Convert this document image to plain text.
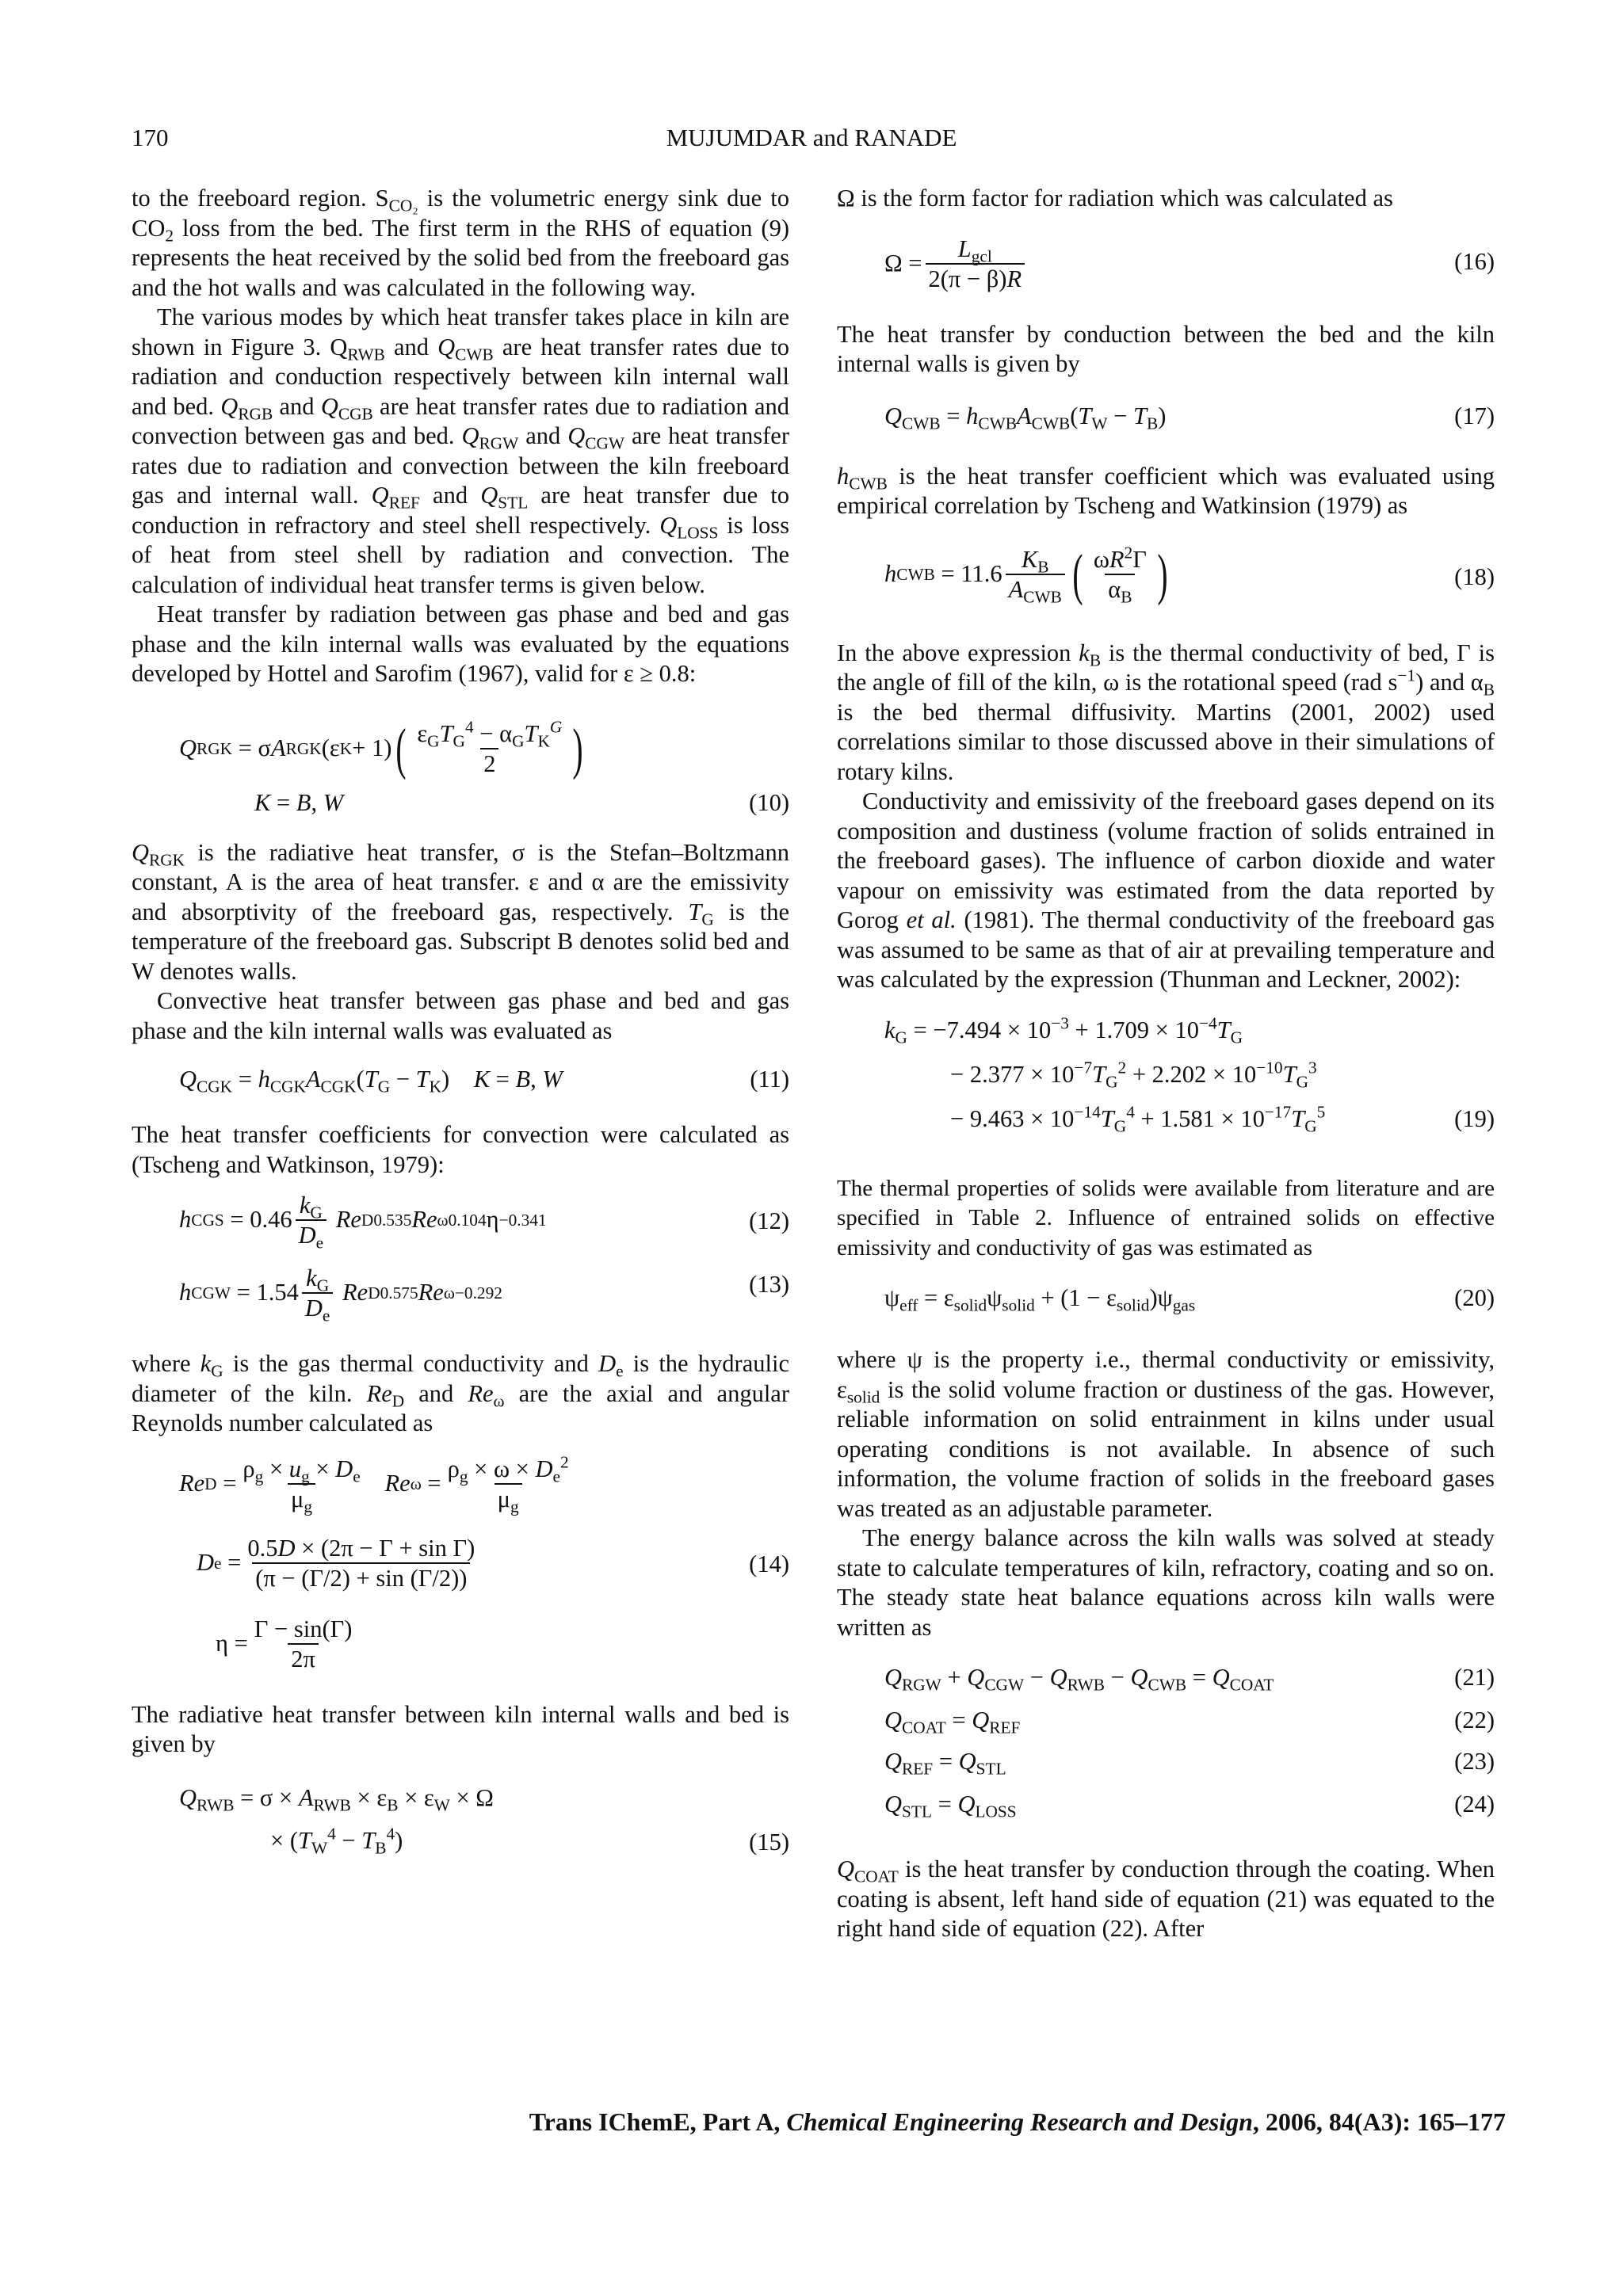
170	MUJUMDAR and RANADE

to the freeboard region. $S_{CO_2}$ is the volumetric energy sink due to $CO_2$ loss from the bed. The first term in the RHS of equation (9) represents the heat received by the solid bed from the freeboard gas and the hot walls and was calculated in the following way.

The various modes by which heat transfer takes place in kiln are shown in Figure 3. $Q_{RWB}$ and $Q_{CWB}$ are heat transfer rates due to radiation and conduction respectively between kiln internal wall and bed. $Q_{RGB}$ and $Q_{CGB}$ are heat transfer rates due to radiation and convection between gas and bed. $Q_{RGW}$ and $Q_{CGW}$ are heat transfer rates due to radiation and convection between the kiln freeboard gas and internal wall. $Q_{REF}$ and $Q_{STL}$ are heat transfer due to conduction in refractory and steel shell respectively. $Q_{LOSS}$ is loss of heat from steel shell by radiation and convection. The calculation of individual heat transfer terms is given below.

Heat transfer by radiation between gas phase and bed and gas phase and the kiln internal walls was evaluated by the equations developed by Hottel and Sarofim (1967), valid for ε ≥ 0.8:

Q RGK = σ A RGK (ε K + 1) ( $\frac{\varepsilon_GT_G^4 - \alpha_GT_K^G}{2}$ )
K = B, W	(10)

$Q_{RGK}$ is the radiative heat transfer, σ is the Stefan–Boltzmann constant, A is the area of heat transfer. ε and α are the emissivity and absorptivity of the freeboard gas, respectively. $T_G$ is the temperature of the freeboard gas. Subscript B denotes solid bed and W denotes walls.

Convective heat transfer between gas phase and bed and gas phase and the kiln internal walls was evaluated as

$Q_{CGK} = h_{CGK}A_{CGK}(T_G - T_K)$    K = B, W	(11)

The heat transfer coefficients for convection were calculated as (Tscheng and Watkinson, 1979):

h CGS = $0.46 \frac{k_G}{D_e}$
Re D 0.535 Re ω 0.104 η −0.341	(12)
h CGW = $1.54 \frac{k_G}{D_e}$
Re D 0.575 Re ω −0.292	(13)

where $k_G$ is the gas thermal conductivity and $D_e$ is the hydraulic diameter of the kiln. $Re_D$ and $Re_\omega$ are the axial and angular Reynolds number calculated as

Re $D = \frac{\rho_g \times u_g \times D_e}{\mu_g}$
Re $\omega = \frac{\rho_g \times \omega \times D_e^2}{\mu_g}$
D $e = \frac{\text{0.5D × (2π − Γ + sin Γ)}}{(\pi - (\Gamma/2) + \sin (\Gamma/2))}$	(14)
$\eta = \frac{\Gamma - \sin(\Gamma)}{2\pi}$

The radiative heat transfer between kiln internal walls and bed is given by

$Q_{RWB} = \sigma \times A_{RWB} \times \varepsilon_B \times \varepsilon_W \times \Omega$
× $(T_W^4 - T_B^4)$	(15)

Ω is the form factor for radiation which was calculated as

$\Omega = \frac{L_{gcl}}{2(\pi - \beta)R}$	(16)

The heat transfer by conduction between the bed and the kiln internal walls is given by

$Q_{CWB} = h_{CWB}A_{CWB}(T_W - T_B)$	(17)

$h_{CWB}$ is the heat transfer coefficient which was evaluated using empirical correlation by Tscheng and Watkinsion (1979) as

h CWB = $11.6 \frac{K_B}{A_{CWB}}$ ( $\frac{\omega R^2\Gamma}{\alpha_B}$ )	(18)

In the above expression $k_B$ is the thermal conductivity of bed, Γ is the angle of fill of the kiln, ω is the rotational speed (rad $s^{-1}$) and $\alpha_B$ is the bed thermal diffusivity. Martins (2001, 2002) used correlations similar to those discussed above in their simulations of rotary kilns.

Conductivity and emissivity of the freeboard gases depend on its composition and dustiness (volume fraction of solids entrained in the freeboard gases). The influence of carbon dioxide and water vapour on emissivity was estimated from the data reported by Gorog et al. (1981). The thermal conductivity of the freeboard gas was assumed to be same as that of air at prevailing temperature and was calculated by the expression (Thunman and Leckner, 2002):

$k_G = -7.494 \times 10^{-3} + 1.709 \times 10^{-4}T_G$
− $2.377 \times 10^{-7}T_G^2 + 2.202 \times 10^{-10}T_G^3$
− $9.463 \times 10^{-14}T_G^4 + 1.581 \times 10^{-17}T_G^5$	(19)

The thermal properties of solids were available from literature and are specified in Table 2. Influence of entrained solids on effective emissivity and conductivity of gas was estimated as

$\psi_{eff} = \varepsilon_{solid}\psi_{solid} + (1 - \varepsilon_{solid})\psi_{gas}$	(20)

where ψ is the property i.e., thermal conductivity or emissivity, $\varepsilon_{solid}$ is the solid volume fraction or dustiness of the gas. However, reliable information on solid entrainment in kilns under usual operating conditions is not available. In absence of such information, the volume fraction of solids in the freeboard gases was treated as an adjustable parameter.

The energy balance across the kiln walls was solved at steady state to calculate temperatures of kiln, refractory, coating and so on. The steady state heat balance equations across kiln walls were written as

$Q_{RGW} + Q_{CGW} - Q_{RWB} - Q_{CWB} = Q_{COAT}$	(21)
$Q_{COAT} = Q_{REF}$	(22)
$Q_{REF} = Q_{STL}$	(23)
$Q_{STL} = Q_{LOSS}$	(24)

$Q_{COAT}$ is the heat transfer by conduction through the coating. When coating is absent, left hand side of equation (21) was equated to the right hand side of equation (22). After

Trans IChemE, Part A, Chemical Engineering Research and Design, 2006, 84(A3): 165–177
